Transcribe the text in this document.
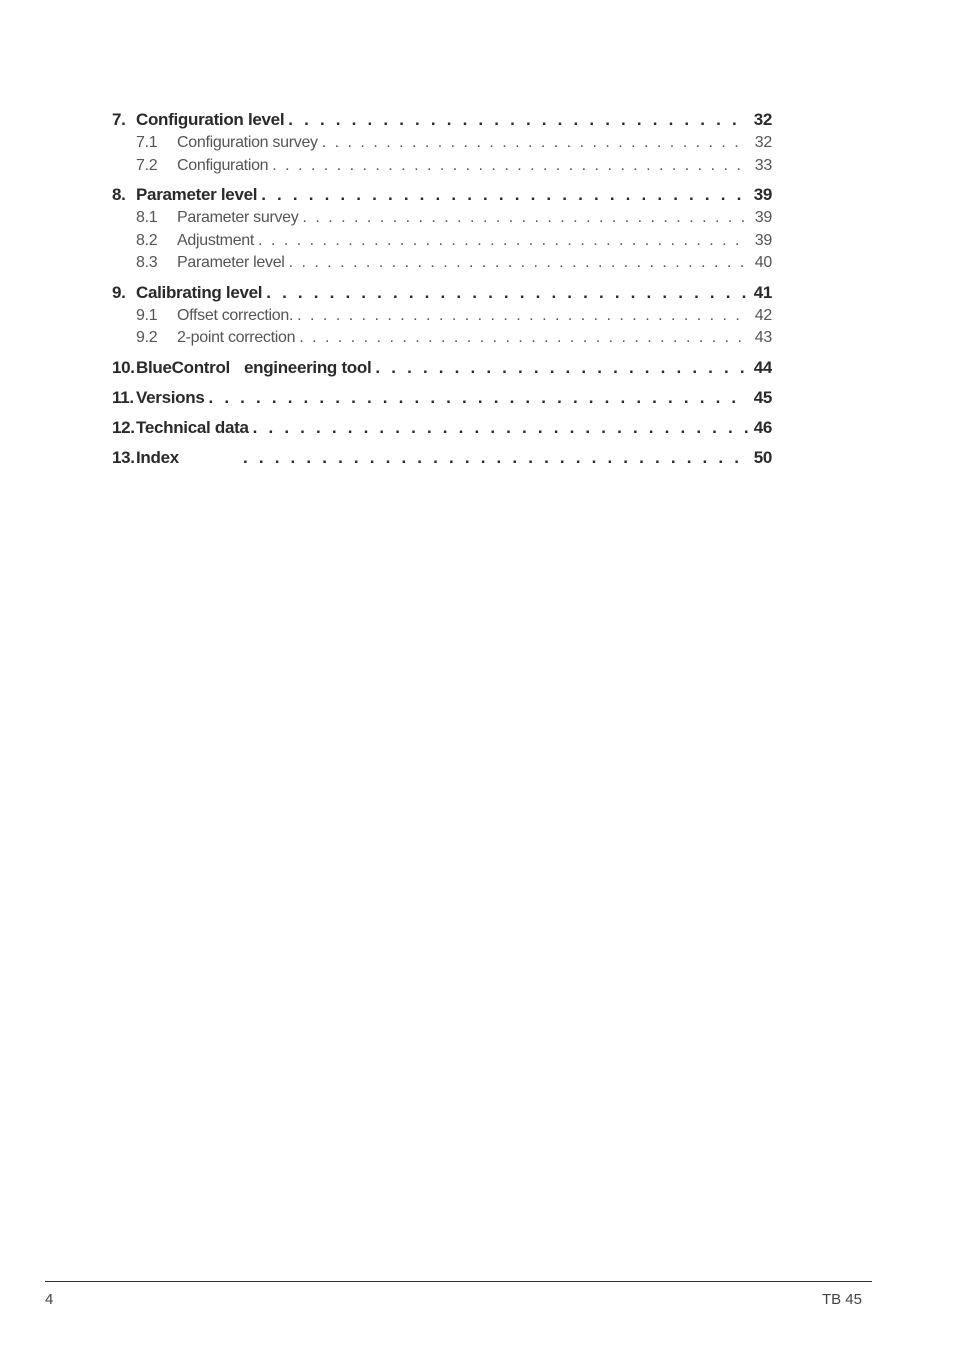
7. Configuration level . . .	32
7.1	Configuration survey . . .	32
7.2	Configuration . . .	33
8. Parameter level . . .	39
8.1	Parameter survey . . .	39
8.2	Adjustment . . .	39
8.3	Parameter level . . .	40
9. Calibrating level . . .	41
9.1	Offset correction. . . .	42
9.2	2-point correction . . .	43
10. BlueControl engineering tool . . .	44
11. Versions . . .	45
12. Technical data . . .	46
13. Index . . .	50
4	TB 45
